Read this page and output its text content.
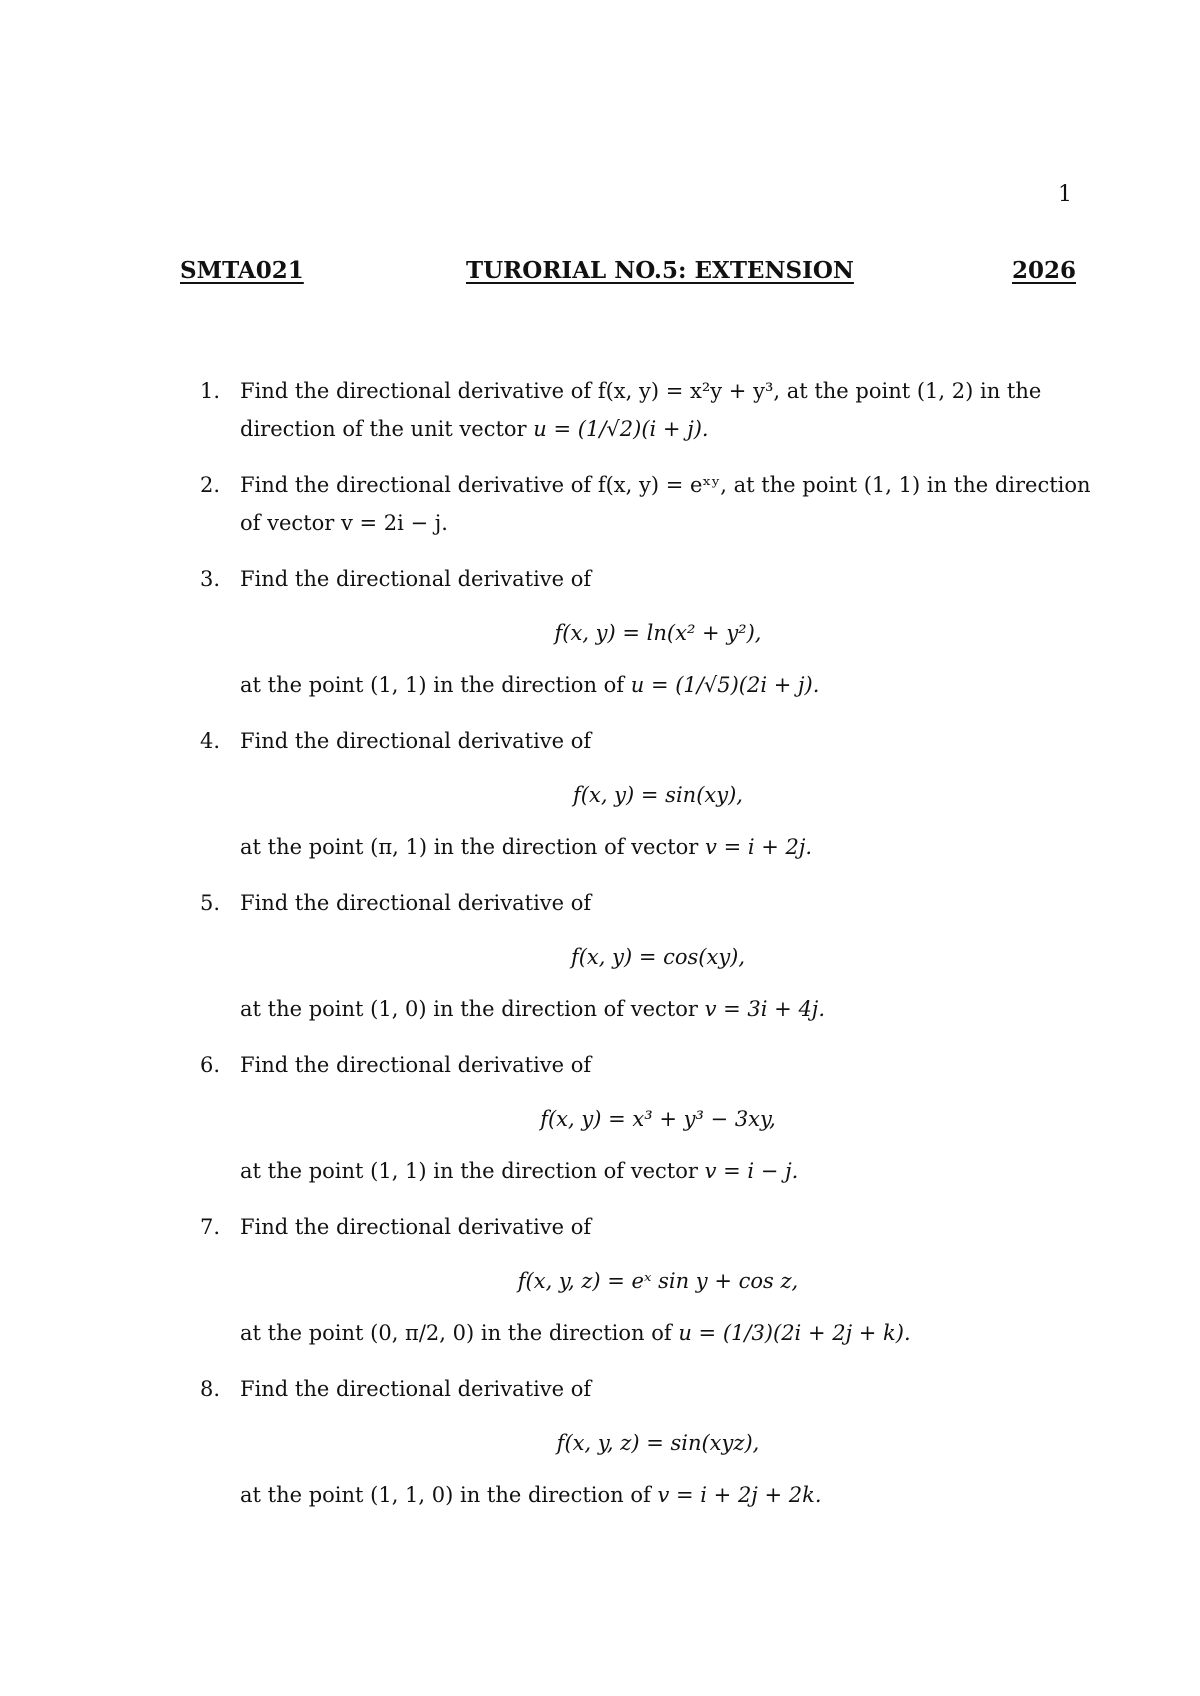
1
SMTA021	TURORIAL NO.5: EXTENSION	2026
1. Find the directional derivative of f(x, y) = x²y + y³, at the point (1, 2) in the
direction of the unit vector u = (1/√2)(i + j).
2. Find the directional derivative of f(x, y) = eˣʸ, at the point (1, 1) in the direction
of vector v = 2i − j.
3. Find the directional derivative of
f(x, y) = ln(x² + y²),
at the point (1, 1) in the direction of u = (1/√5)(2i + j).
4. Find the directional derivative of
f(x, y) = sin(xy),
at the point (π, 1) in the direction of vector v = i + 2j.
5. Find the directional derivative of
f(x, y) = cos(xy),
at the point (1, 0) in the direction of vector v = 3i + 4j.
6. Find the directional derivative of
f(x, y) = x³ + y³ − 3xy,
at the point (1, 1) in the direction of vector v = i − j.
7. Find the directional derivative of
f(x, y, z) = eˣ sin y + cos z,
at the point (0, π/2, 0) in the direction of u = (1/3)(2i + 2j + k).
8. Find the directional derivative of
f(x, y, z) = sin(xyz),
at the point (1, 1, 0) in the direction of v = i + 2j + 2k.
